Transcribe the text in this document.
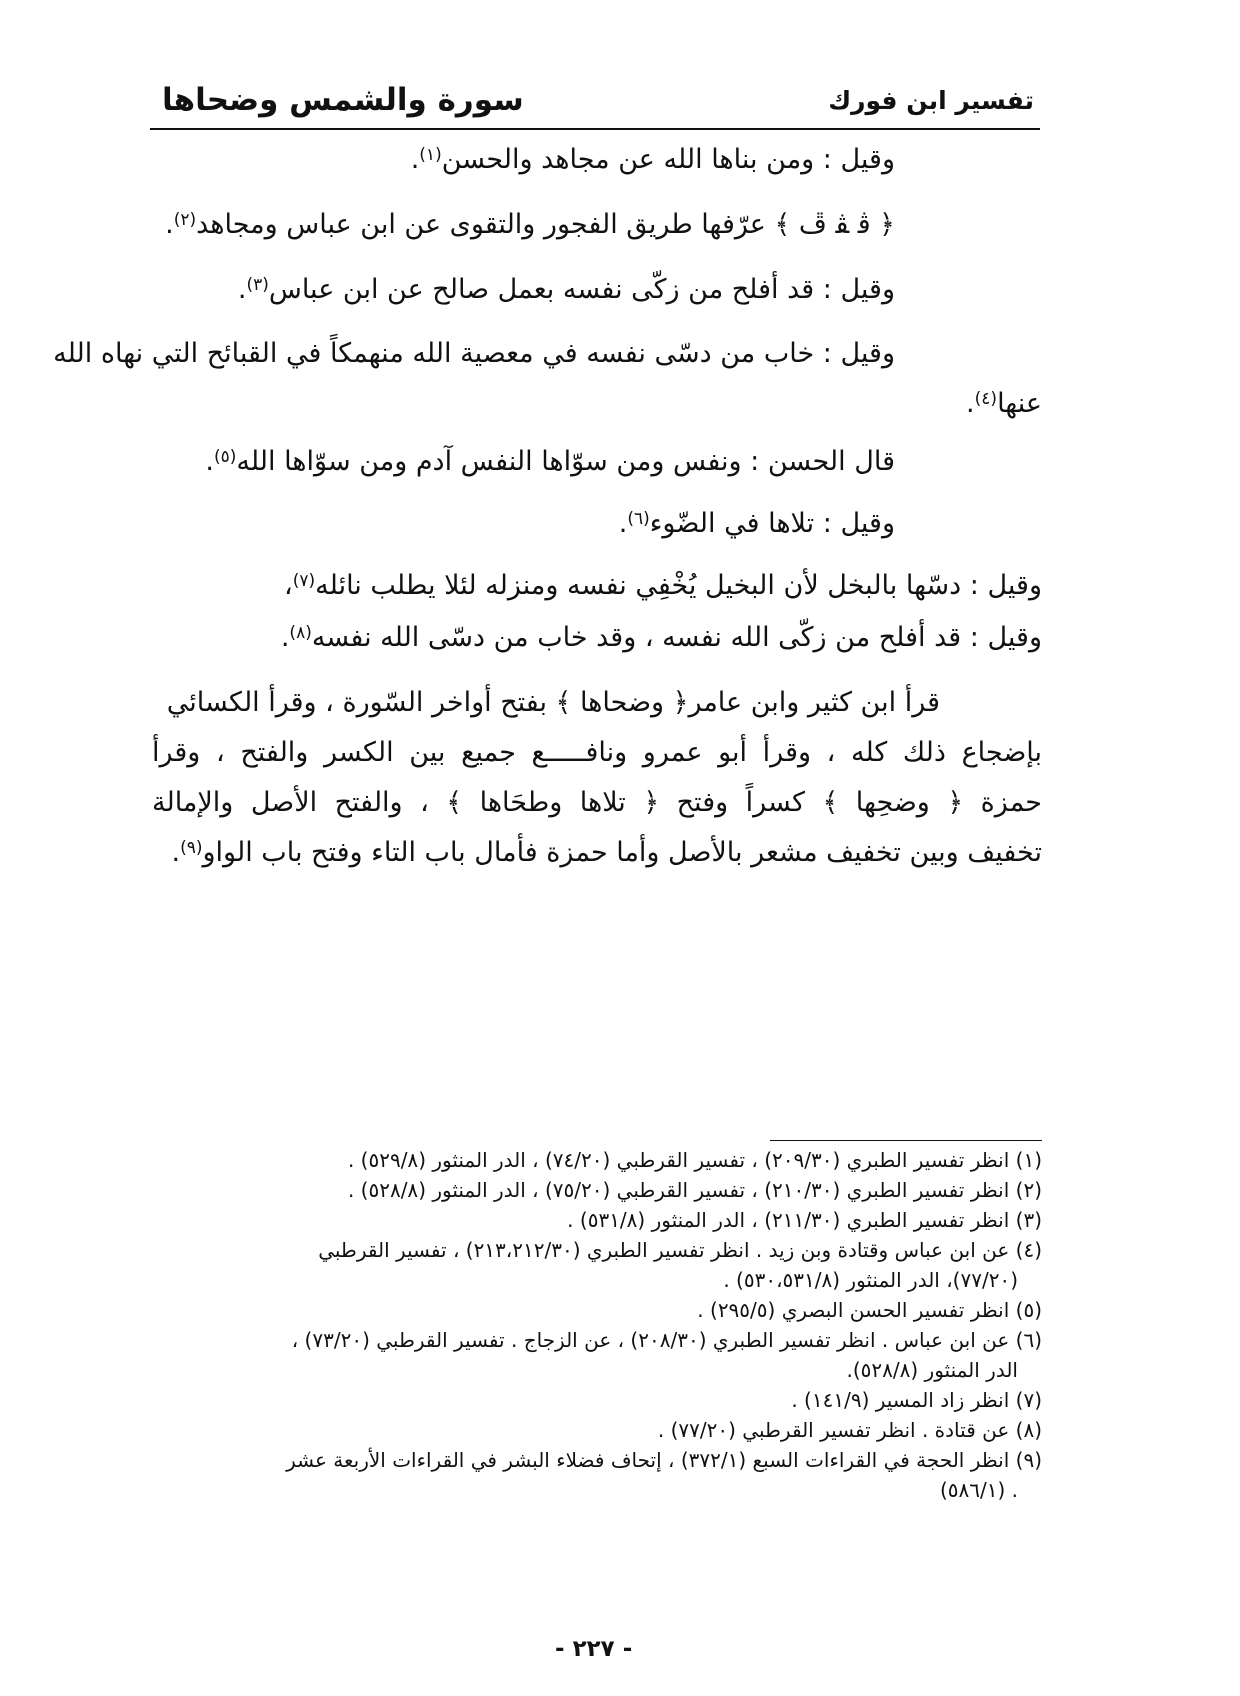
سورة والشمس وضحاها	تفسير ابن فورك
وقيل : ومن بناها الله عن مجاهد والحسن$^{(١)}$.
﴿ ﭬ ﭭ ﭮ ﴾ عرّفها طريق الفجور والتقوى عن ابن عباس ومجاهد$^{(٢)}$.
وقيل : قد أفلح من زكّى نفسه بعمل صالح عن ابن عباس$^{(٣)}$.
وقيل : خاب من دسّى نفسه في معصية الله منهمكاً في القبائح التي نهاه الله
عنها$^{(٤)}$.
قال الحسن : ونفس ومن سوّاها النفس آدم ومن سوّاها الله$^{(٥)}$.
وقيل : تلاها في الضّوء$^{(٦)}$.
وقيل : دسّها بالبخل لأن البخيل يُخْفِي نفسه ومنزله لئلا يطلب نائله$^{(٧)}$،
وقيل : قد أفلح من زكّى الله نفسه ، وقد خاب من دسّى الله نفسه$^{(٨)}$.
قرأ ابن كثير وابن عامر﴿ وضحاها ﴾ بفتح أواخر السّورة ، وقرأ الكسائي
بإضجاع ذلك كله ، وقرأ أبو عمرو ونافـــــع جميع بين الكسر والفتح ، وقرأ
حمزة ﴿ وضحِها ﴾ كسراً وفتح ﴿ تلاها وطحَاها ﴾ ، والفتح الأصل والإمالة
تخفيف وبين تخفيف مشعر بالأصل وأما حمزة فأمال باب التاء وفتح باب الواو$^{(٩)}$.
(١) انظر تفسير الطبري (٢٠٩/٣٠) ، تفسير القرطبي (٧٤/٢٠) ، الدر المنثور (٥٢٩/٨) .
(٢) انظر تفسير الطبري (٢١٠/٣٠) ، تفسير القرطبي (٧٥/٢٠) ، الدر المنثور (٥٢٨/٨) .
(٣) انظر تفسير الطبري (٢١١/٣٠) ، الدر المنثور (٥٣١/٨) .
(٤) عن ابن عباس وقتادة وبن زيد . انظر تفسير الطبري (٢١٣،٢١٢/٣٠) ، تفسير القرطبي
(٧٧/٢٠)، الدر المنثور (٥٣٠،٥٣١/٨) .
(٥) انظر تفسير الحسن البصري (٢٩٥/٥) .
(٦) عن ابن عباس . انظر تفسير الطبري (٢٠٨/٣٠) ، عن الزجاج . تفسير القرطبي (٧٣/٢٠) ،
الدر المنثور (٥٢٨/٨).
(٧) انظر زاد المسير (١٤١/٩) .
(٨) عن قتادة . انظر تفسير القرطبي (٧٧/٢٠) .
(٩) انظر الحجة في القراءات السبع (٣٧٢/١) ، إتحاف فضلاء البشر في القراءات الأربعة عشر
. (٥٨٦/١)
- ٢٢٧ -
